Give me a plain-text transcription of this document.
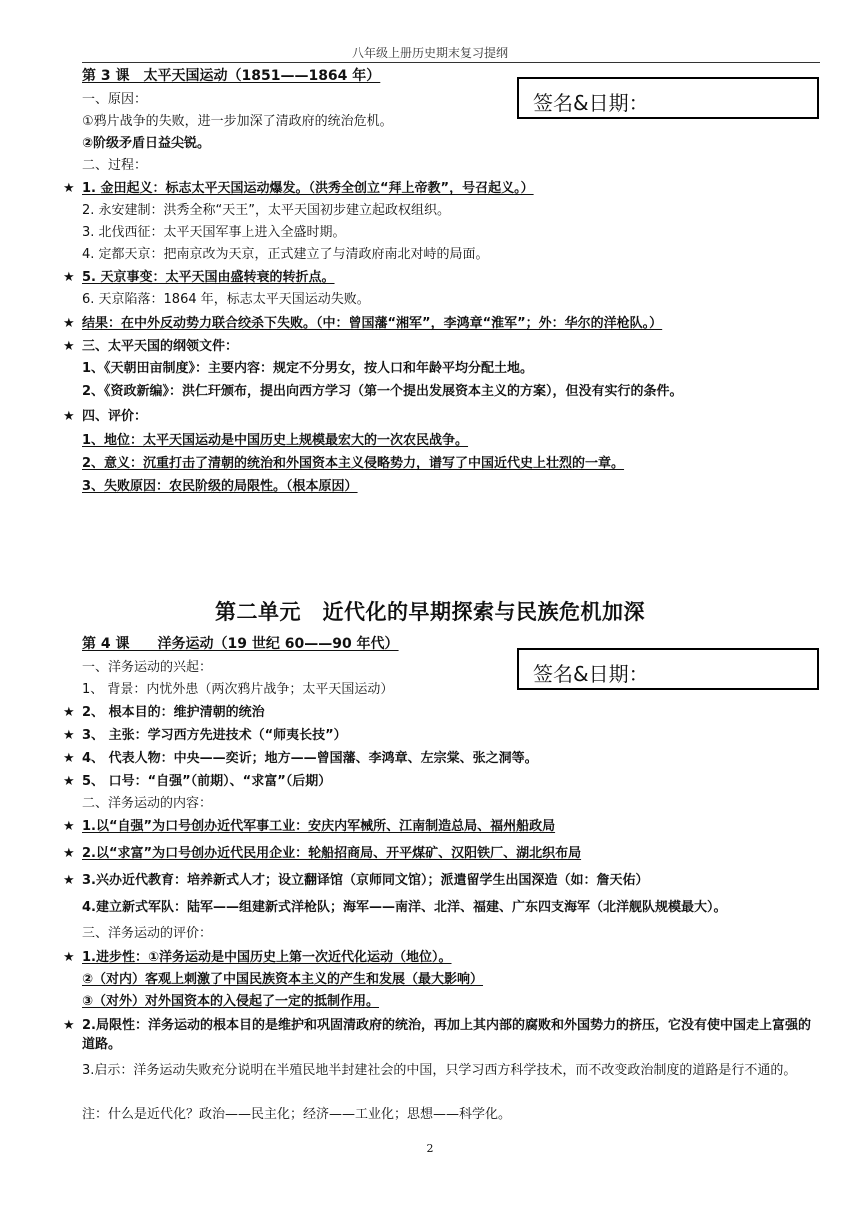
八年级上册历史期末复习提纲
第 3 课　太平天国运动（1851——1864 年）
签名&日期：
一、原因：
①鸦片战争的失败，进一步加深了清政府的统治危机。
②阶级矛盾日益尖锐。
二、过程：
★ 1. 金田起义：标志太平天国运动爆发。（洪秀全创立“拜上帝教”，号召起义。）
2. 永安建制：洪秀全称“天王”，太平天国初步建立起政权组织。
3. 北伐西征：太平天国军事上进入全盛时期。
4. 定都天京：把南京改为天京，正式建立了与清政府南北对峙的局面。
★ 5. 天京事变：太平天国由盛转衰的转折点。
6. 天京陷落：1864 年，标志太平天国运动失败。
★ 结果：在中外反动势力联合绞杀下失败。（中：曾国藩“湘军”，李鸿章“淮军”；外：华尔的洋枪队。）
★ 三、太平天国的纲领文件：
1、《天朝田亩制度》：主要内容：规定不分男女，按人口和年龄平均分配土地。
2、《资政新编》：洪仁玕颁布，提出向西方学习（第一个提出发展资本主义的方案），但没有实行的条件。
★ 四、评价：
1、地位：太平天国运动是中国历史上规模最宏大的一次农民战争。
2、意义：沉重打击了清朝的统治和外国资本主义侵略势力，谱写了中国近代史上壮烈的一章。
3、失败原因：农民阶级的局限性。（根本原因）
第二单元　近代化的早期探索与民族危机加深
第 4 课　　洋务运动（19 世纪 60——90 年代）
签名&日期：
一、洋务运动的兴起：
1、 背景：内忧外患（两次鸦片战争；太平天国运动）
★ 2、 根本目的：维护清朝的统治
★ 3、 主张：学习西方先进技术（“师夷长技”）
★ 4、 代表人物：中央——奕䜣；地方——曾国藩、李鸿章、左宗棠、张之洞等。
★ 5、 口号：“自强”（前期）、“求富”（后期）
二、洋务运动的内容：
★ 1.以“自强”为口号创办近代军事工业：安庆内军械所、江南制造总局、福州船政局
★ 2.以“求富”为口号创办近代民用企业：轮船招商局、开平煤矿、汉阳铁厂、湖北织布局
★ 3.兴办近代教育：培养新式人才；设立翻译馆（京师同文馆）；派遣留学生出国深造（如：詹天佑）
4.建立新式军队：陆军——组建新式洋枪队；海军——南洋、北洋、福建、广东四支海军（北洋舰队规模最大）。
三、洋务运动的评价：
★ 1.进步性：①洋务运动是中国历史上第一次近代化运动（地位）。
②（对内）客观上刺激了中国民族资本主义的产生和发展（最大影响）
③（对外）对外国资本的入侵起了一定的抵制作用。
★ 2.局限性：洋务运动的根本目的是维护和巩固清政府的统治，再加上其内部的腐败和外国势力的挤压，它没有使中国走上富强的道路。
3.启示：洋务运动失败充分说明在半殖民地半封建社会的中国，只学习西方科学技术，而不改变政治制度的道路是行不通的。
注：什么是近代化？政治——民主化；经济——工业化；思想——科学化。
2
